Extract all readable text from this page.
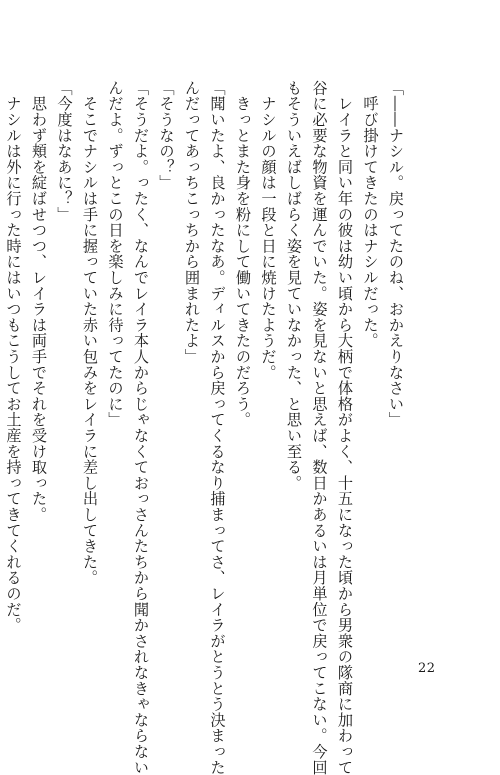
「――ナシル。戻ってたのね、おかえりなさい」
　呼び掛けてきたのはナシルだった。
　レイラと同い年の彼は幼い頃から大柄で体格がよく、十五になった頃から男衆の隊商に加わって
谷に必要な物資を運んでいた。姿を見ないと思えば、数日かあるいは月単位で戻ってこない。今回
もそういえばしばらく姿を見ていなかった、と思い至る。
　ナシルの顔は一段と日に焼けたようだ。
　きっとまた身を粉にして働いてきたのだろう。
「聞いたよ、良かったなあ。ディルスから戻ってくるなり捕まってさ、レイラがとうとう決まった
んだってあっちこっちから囲まれたよ」
「そうなの？」
「そうだよ。ったく、なんでレイラ本人からじゃなくておっさんたちから聞かされなきゃならない
んだよ。ずっとこの日を楽しみに待ってたのに」
　そこでナシルは手に握っていた赤い包みをレイラに差し出してきた。
「今度はなあに？」
　思わず頬を綻ばせつつ、レイラは両手でそれを受け取った。
　ナシルは外に行った時にはいつもこうしてお土産を持ってきてくれるのだ。
22
